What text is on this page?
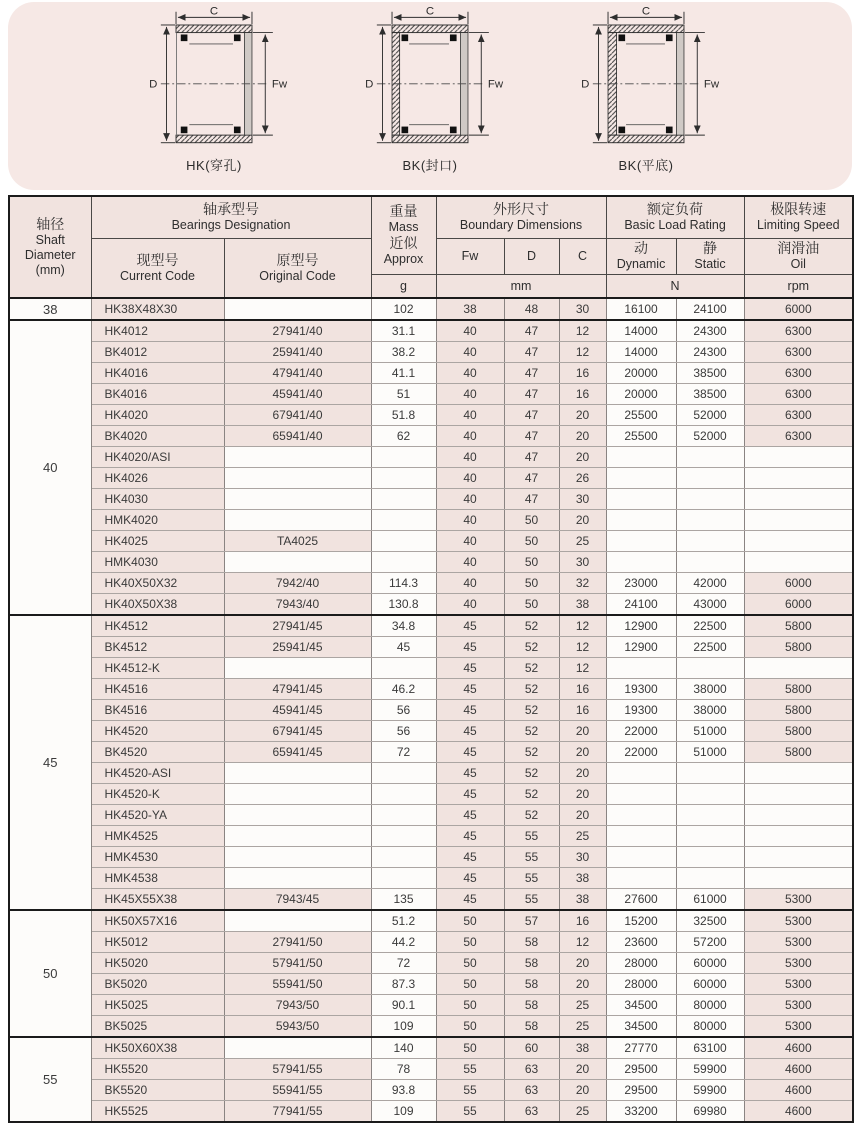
C
D	Fw
HK(穿孔)
C
D	Fw
BK(封口)
C
D	Fw
BK(平底)
轴径
Shaft
Diameter
(mm)	轴承型号
Bearings Designation		重量
Mass
近似
Approx	外形尺寸
Boundary Dimensions			额定负荷
Basic Load Rating		极限转速
Limiting Speed

	现型号
Current Code	原型号
Original Code		Fw	D	C	动
Dynamic	静
Static	润滑油
Oil

			g	mm			N		rpm
38	HK38X48X30		102	38	48	30	16100	24100	6000
40	HK4012	27941/40	31.1	40	47	12	14000	24300	6300
	BK4012	25941/40	38.2	40	47	12	14000	24300	6300
	HK4016	47941/40	41.1	40	47	16	20000	38500	6300
	BK4016	45941/40	51	40	47	16	20000	38500	6300
	HK4020	67941/40	51.8	40	47	20	25500	52000	6300
	BK4020	65941/40	62	40	47	20	25500	52000	6300
	HK4020/ASI			40	47	20			
	HK4026			40	47	26			
	HK4030			40	47	30			
	HMK4020			40	50	20			
	HK4025	TA4025		40	50	25			
	HMK4030			40	50	30			
	HK40X50X32	7942/40	114.3	40	50	32	23000	42000	6000
	HK40X50X38	7943/40	130.8	40	50	38	24100	43000	6000
45	HK4512	27941/45	34.8	45	52	12	12900	22500	5800
	BK4512	25941/45	45	45	52	12	12900	22500	5800
	HK4512-K			45	52	12			
	HK4516	47941/45	46.2	45	52	16	19300	38000	5800
	BK4516	45941/45	56	45	52	16	19300	38000	5800
	HK4520	67941/45	56	45	52	20	22000	51000	5800
	BK4520	65941/45	72	45	52	20	22000	51000	5800
	HK4520-ASI			45	52	20			
	HK4520-K			45	52	20			
	HK4520-YA			45	52	20			
	HMK4525			45	55	25			
	HMK4530			45	55	30			
	HMK4538			45	55	38			
	HK45X55X38	7943/45	135	45	55	38	27600	61000	5300
50	HK50X57X16		51.2	50	57	16	15200	32500	5300
	HK5012	27941/50	44.2	50	58	12	23600	57200	5300
	HK5020	57941/50	72	50	58	20	28000	60000	5300
	BK5020	55941/50	87.3	50	58	20	28000	60000	5300
	HK5025	7943/50	90.1	50	58	25	34500	80000	5300
	BK5025	5943/50	109	50	58	25	34500	80000	5300
55	HK50X60X38		140	50	60	38	27770	63100	4600
	HK5520	57941/55	78	55	63	20	29500	59900	4600
	BK5520	55941/55	93.8	55	63	20	29500	59900	4600
	HK5525	77941/55	109	55	63	25	33200	69980	4600
